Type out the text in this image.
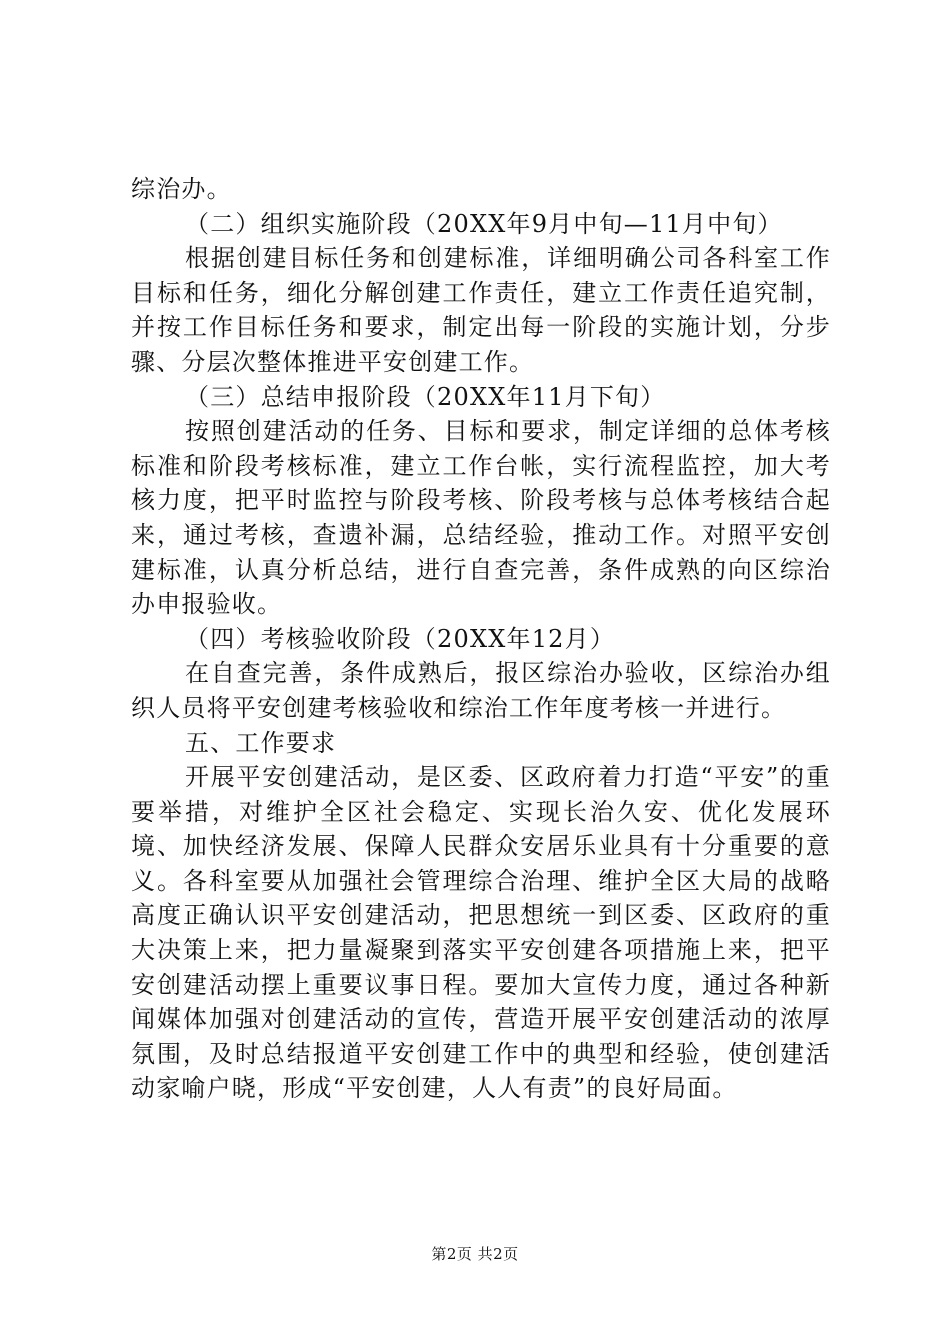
综治办。

（二）组织实施阶段（20XX年9月中旬—11月中旬）

根据创建目标任务和创建标准，详细明确公司各科室工作目标和任务，细化分解创建工作责任，建立工作责任追究制，并按工作目标任务和要求，制定出每一阶段的实施计划，分步骤、分层次整体推进平安创建工作。

（三）总结申报阶段（20XX年11月下旬）

按照创建活动的任务、目标和要求，制定详细的总体考核标准和阶段考核标准，建立工作台帐，实行流程监控，加大考核力度，把平时监控与阶段考核、阶段考核与总体考核结合起来，通过考核，查遗补漏，总结经验，推动工作。对照平安创建标准，认真分析总结，进行自查完善，条件成熟的向区综治办申报验收。

（四）考核验收阶段（20XX年12月）

在自查完善，条件成熟后，报区综治办验收，区综治办组织人员将平安创建考核验收和综治工作年度考核一并进行。

五、工作要求

开展平安创建活动，是区委、区政府着力打造“平安”的重要举措，对维护全区社会稳定、实现长治久安、优化发展环境、加快经济发展、保障人民群众安居乐业具有十分重要的意义。各科室要从加强社会管理综合治理、维护全区大局的战略高度正确认识平安创建活动，把思想统一到区委、区政府的重大决策上来，把力量凝聚到落实平安创建各项措施上来，把平安创建活动摆上重要议事日程。要加大宣传力度，通过各种新闻媒体加强对创建活动的宣传，营造开展平安创建活动的浓厚氛围，及时总结报道平安创建工作中的典型和经验，使创建活动家喻户晓，形成“平安创建，人人有责”的良好局面。

第2页 共2页
